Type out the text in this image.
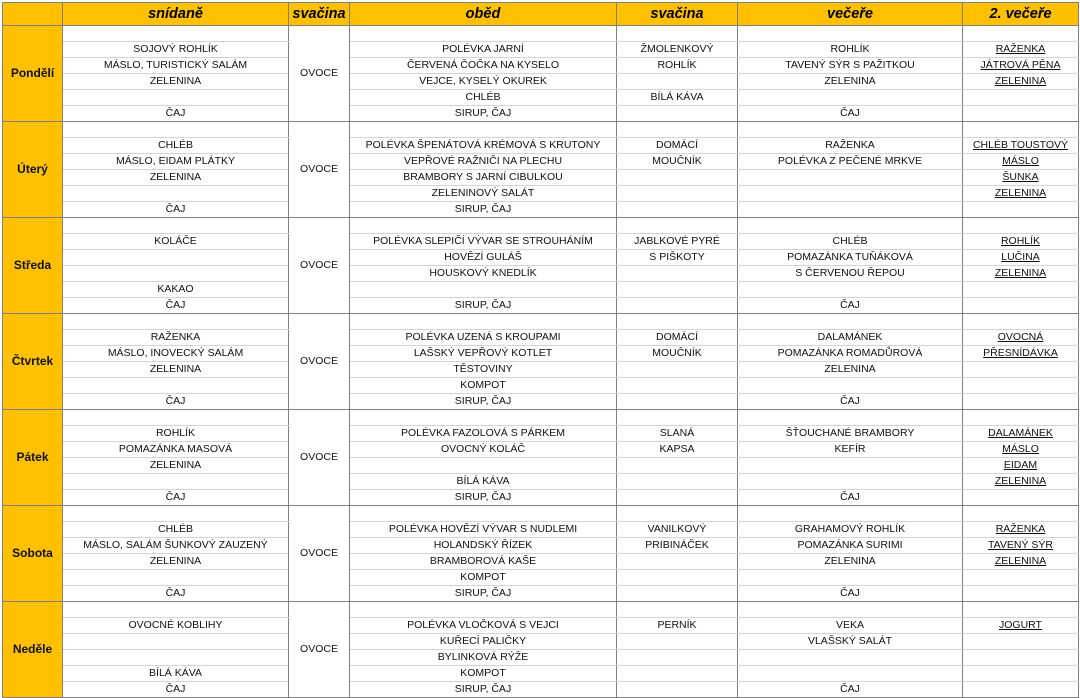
	snídaně	svačina	oběd	svačina	večeře	2. večeře
Pondělí		OVOCE				
	SOJOVÝ ROHLÍK		POLÉVKA JARNÍ	ŽMOLENKOVÝ	ROHLÍK	RAŽENKA
	MÁSLO, TURISTICKÝ SALÁM		ČERVENÁ ČOČKA NA KYSELO	ROHLÍK	TAVENÝ SÝR S PAŽITKOU	JÁTROVÁ PĚNA
	ZELENINA		VEJCE, KYSELÝ OKUREK		ZELENINA	ZELENINA
			CHLÉB	BÍLÁ KÁVA		
	ČAJ		SIRUP, ČAJ		ČAJ	
Úterý		OVOCE				
	CHLÉB		POLÉVKA ŠPENÁTOVÁ KRÉMOVÁ S KRUTONY	DOMÁCÍ	RAŽENKA	CHLÉB TOUSTOVÝ
	MÁSLO, EIDAM PLÁTKY		VEPŘOVÉ RAŽNIČI NA PLECHU	MOUČNÍK	POLÉVKA Z PEČENÉ MRKVE	MÁSLO
	ZELENINA		BRAMBORY S JARNÍ CIBULKOU			ŠUNKA
			ZELENINOVÝ SALÁT			ZELENINA
	ČAJ		SIRUP, ČAJ			
Středa		OVOCE				
	KOLÁČE		POLÉVKA SLEPIČÍ VÝVAR SE STROUHÁNÍM	JABLKOVÉ PYRÉ	CHLÉB	ROHLÍK
			HOVĚZÍ GULÁŠ	S PIŠKOTY	POMAZÁNKA TUŇÁKOVÁ	LUČINA
			HOUSKOVÝ KNEDLÍK		S ČERVENOU ŘEPOU	ZELENINA
	KAKAO					
	ČAJ		SIRUP, ČAJ		ČAJ	
Čtvrtek		OVOCE				
	RAŽENKA		POLÉVKA UZENÁ S KROUPAMI	DOMÁCÍ	DALAMÁNEK	OVOCNÁ
	MÁSLO, INOVECKÝ SALÁM		LAŠSKÝ VEPŘOVÝ KOTLET	MOUČNÍK	POMAZÁNKA ROMADŮROVÁ	PŘESNÍDÁVKA
	ZELENINA		TĚSTOVINY		ZELENINA	
			KOMPOT			
	ČAJ		SIRUP, ČAJ		ČAJ	
Pátek		OVOCE				
	ROHLÍK		POLÉVKA FAZOLOVÁ S PÁRKEM	SLANÁ	ŠŤOUCHANÉ BRAMBORY	DALAMÁNEK
	POMAZÁNKA MASOVÁ		OVOCNÝ KOLÁČ	KAPSA	KEFÍR	MÁSLO
	ZELENINA					EIDAM
			BÍLÁ KÁVA			ZELENINA
	ČAJ		SIRUP, ČAJ		ČAJ	
Sobota		OVOCE				
	CHLÉB		POLÉVKA HOVĚZÍ VÝVAR S NUDLEMI	VANILKOVÝ	GRAHAMOVÝ ROHLÍK	RAŽENKA
	MÁSLO, SALÁM ŠUNKOVÝ ZAUZENÝ		HOLANDSKÝ ŘÍZEK	PRIBINÁČEK	POMAZÁNKA SURIMI	TAVENÝ SÝR
	ZELENINA		BRAMBOROVÁ KAŠE		ZELENINA	ZELENINA
			KOMPOT			
	ČAJ		SIRUP, ČAJ		ČAJ	
Neděle		OVOCE				
	OVOCNÉ KOBLIHY		POLÉVKA VLOČKOVÁ S VEJCI	PERNÍK	VEKA	JOGURT
			KUŘECÍ PALIČKY		VLAŠSKÝ SALÁT	
			BYLINKOVÁ RÝŽE			
	BÍLÁ KÁVA		KOMPOT			
	ČAJ		SIRUP, ČAJ		ČAJ	
